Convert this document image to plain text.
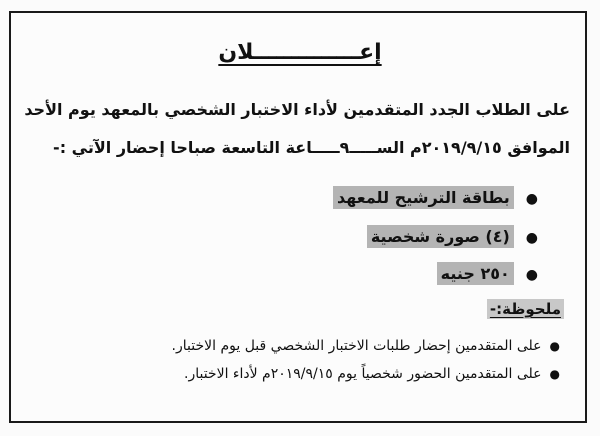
إعــــــــــــــلان
على الطلاب الجدد المتقدمين لأداء الاختبار الشخصي بالمعهد يوم الأحد
الموافق ٢٠١٩/٩/١٥م الســـــ٩ـــــاعة التاسعة صباحا إحضار الآتي :-
●بطاقة الترشيح للمعهد
●(٤) صورة شخصية
●٢٥٠ جنيه
ملحوظة:-
●على المتقدمين إحضار طلبات الاختبار الشخصي قبل يوم الاختبار.
●على المتقدمين الحضور شخصياً يوم ٢٠١٩/٩/١٥م لأداء الاختبار.
